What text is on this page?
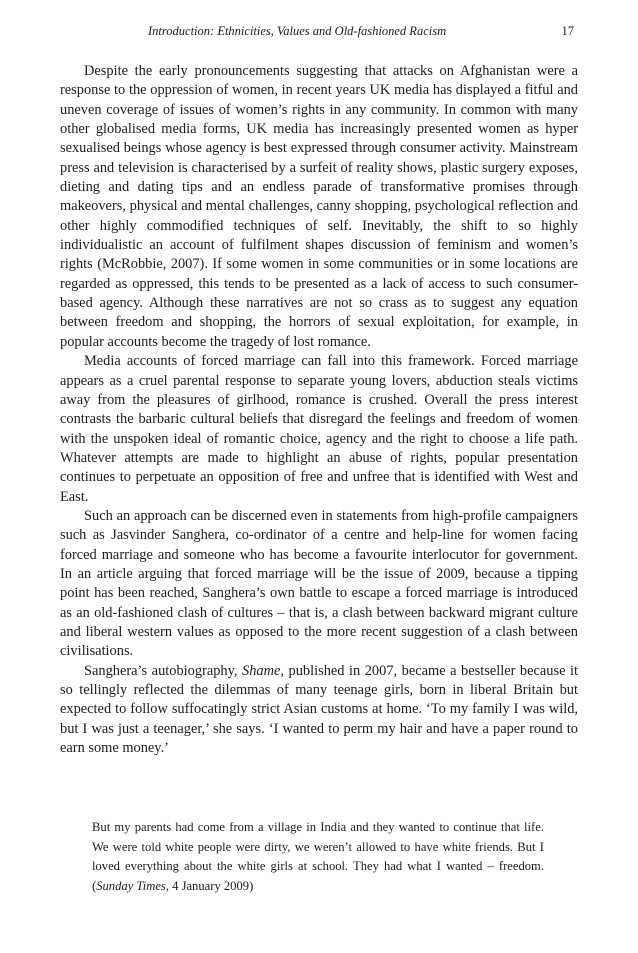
Introduction: Ethnicities, Values and Old-fashioned Racism	17

Despite the early pronouncements suggesting that attacks on Afghanistan were a response to the oppression of women, in recent years UK media has displayed a fitful and uneven coverage of issues of women’s rights in any community. In common with many other globalised media forms, UK media has increasingly presented women as hyper sexualised beings whose agency is best expressed through consumer activity. Mainstream press and television is characterised by a surfeit of reality shows, plastic surgery exposes, dieting and dating tips and an endless parade of transformative promises through makeovers, physical and mental challenges, canny shopping, psychological reflection and other highly commodified techniques of self. Inevitably, the shift to so highly individualistic an account of fulfilment shapes discussion of feminism and women’s rights (McRobbie, 2007). If some women in some communities or in some locations are regarded as oppressed, this tends to be presented as a lack of access to such consumer-based agency. Although these narratives are not so crass as to suggest any equation between freedom and shopping, the horrors of sexual exploitation, for example, in popular accounts become the tragedy of lost romance.

Media accounts of forced marriage can fall into this framework. Forced marriage appears as a cruel parental response to separate young lovers, abduction steals victims away from the pleasures of girlhood, romance is crushed. Overall the press interest contrasts the barbaric cultural beliefs that disregard the feelings and freedom of women with the unspoken ideal of romantic choice, agency and the right to choose a life path. Whatever attempts are made to highlight an abuse of rights, popular presentation continues to perpetuate an opposition of free and unfree that is identified with West and East.

Such an approach can be discerned even in statements from high-profile campaigners such as Jasvinder Sanghera, co-ordinator of a centre and help-line for women facing forced marriage and someone who has become a favourite interlocutor for government. In an article arguing that forced marriage will be the issue of 2009, because a tipping point has been reached, Sanghera’s own battle to escape a forced marriage is introduced as an old-fashioned clash of cultures – that is, a clash between backward migrant culture and liberal western values as opposed to the more recent suggestion of a clash between civilisations.

Sanghera’s autobiography, Shame, published in 2007, became a bestseller because it so tellingly reflected the dilemmas of many teenage girls, born in liberal Britain but expected to follow suffocatingly strict Asian customs at home. ‘To my family I was wild, but I was just a teenager,’ she says. ‘I wanted to perm my hair and have a paper round to earn some money.’

But my parents had come from a village in India and they wanted to continue that life. We were told white people were dirty, we weren’t allowed to have white friends. But I loved everything about the white girls at school. They had what I wanted – freedom. (Sunday Times, 4 January 2009)
